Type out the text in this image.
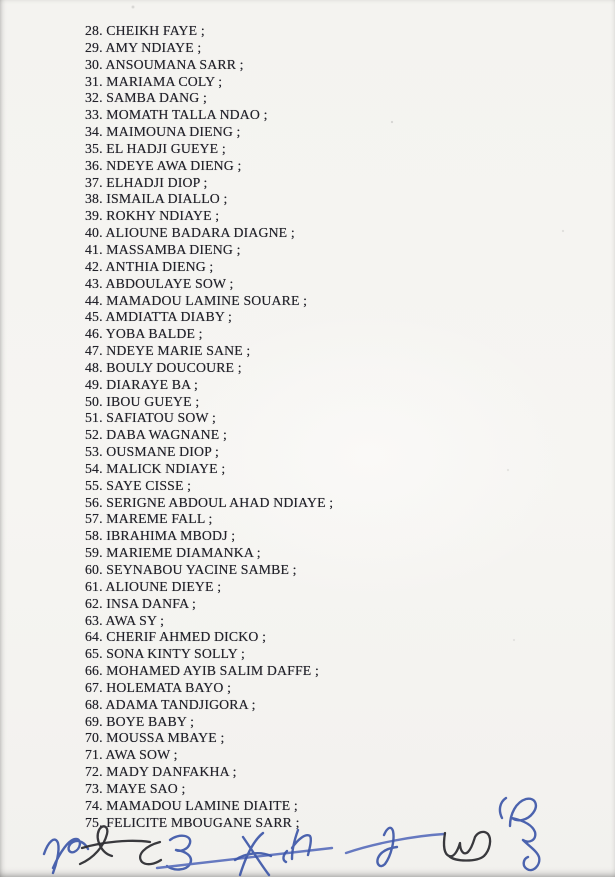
28. CHEIKH FAYE ;
29. AMY NDIAYE ;
30. ANSOUMANA SARR ;
31. MARIAMA COLY ;
32. SAMBA DANG ;
33. MOMATH TALLA NDAO ;
34. MAIMOUNA DIENG ;
35. EL HADJI GUEYE ;
36. NDEYE AWA DIENG ;
37. ELHADJI DIOP ;
38. ISMAILA DIALLO ;
39. ROKHY NDIAYE ;
40. ALIOUNE BADARA DIAGNE ;
41. MASSAMBA DIENG ;
42. ANTHIA DIENG ;
43. ABDOULAYE SOW ;
44. MAMADOU LAMINE SOUARE ;
45. AMDIATTA DIABY ;
46. YOBA BALDE ;
47. NDEYE MARIE SANE ;
48. BOULY DOUCOURE ;
49. DIARAYE BA ;
50. IBOU GUEYE ;
51. SAFIATOU SOW ;
52. DABA WAGNANE ;
53. OUSMANE DIOP ;
54. MALICK NDIAYE ;
55. SAYE CISSE ;
56. SERIGNE ABDOUL AHAD NDIAYE ;
57. MAREME FALL ;
58. IBRAHIMA MBODJ ;
59. MARIEME DIAMANKA ;
60. SEYNABOU YACINE SAMBE ;
61. ALIOUNE DIEYE ;
62. INSA DANFA ;
63. AWA SY ;
64. CHERIF AHMED DICKO ;
65. SONA KINTY SOLLY ;
66. MOHAMED AYIB SALIM DAFFE ;
67. HOLEMATA BAYO ;
68. ADAMA TANDJIGORA ;
69. BOYE BABY ;
70. MOUSSA MBAYE ;
71. AWA SOW ;
72. MADY DANFAKHA ;
73. MAYE SAO ;
74. MAMADOU LAMINE DIAITE ;
75. FELICITE MBOUGANE SARR ;
